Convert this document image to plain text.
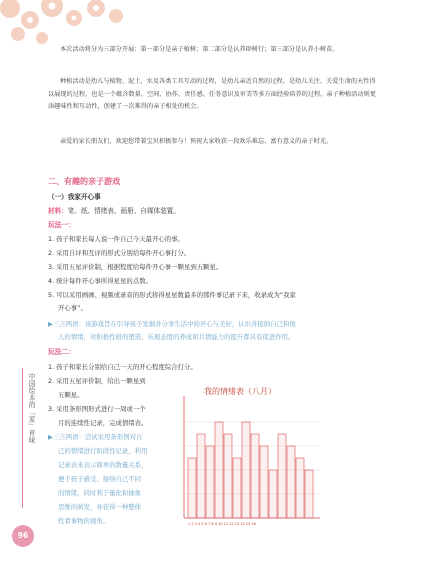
本次活动将分为三部分开展：第一部分是亲子植树；第二部分是认养辟树行；第三部分是认养小树苗。

种植活动是幼儿与植物、泥土、水及各类工具互动的过程，是幼儿亲近自然的过程，是幼儿关注、关爱生命的天性得以展现的过程，也是一个蕴含数量、空间、协作、责任感、任务意识及审美等多方面经验培养的过程。亲子种植活动则更添趣味性和互动性，创建了一次难得的亲子相处的机会。

亲爱的家长朋友们，欢迎您带着宝贝积极参与！预祝大家收获一段欢乐难忘、富有意义的亲子时光。

二、有趣的亲子游戏
（一）我家开心事
材料：笔、纸、情绪表、画册、自媒体装置。
玩法一：
1. 孩子和家长每人说一件自己今天最开心的事。
2. 采用自评和互评的形式分别给每件开心事打分。
3. 采用五星评价制，根据程度给每件开心事一颗星到五颗星。
4. 统计每件开心事所得星星的点数。
5. 可以采用画画、视频或录音的形式将得星星数最多的那件事记录下来，收录成为“我家
开心事”。
▶三言两语：该游戏旨在引导孩子发掘并分享生活中的开心与美好，认识并接纳自己和他
人的情绪，对积极性格的塑造、乐观态度的养成和共情能力的提升都具有促进作用。
玩法二：
1. 孩子和家长分别给自己一天的开心程度综合打分。
2. 采用五星评价制，给出一颗星到
五颗星。
3. 采用条形图形式进行一周或一个
月的连续性记录，完成情绪表。
▶三言两语：尝试采用条形图对自
己的情绪进行阶段性记录，利用
记录表来表示简单的数量关系，
便于孩子感受、接纳自己不同
的情绪，同时利于量化和抽象
思维的萌发，并获得一种整体
性看事物的视角。
我的情绪表（八月）
1 2 3 4 5 6 7 8 9 10 11 12 13 14 15 16
中国绘本的「家」育味
96
